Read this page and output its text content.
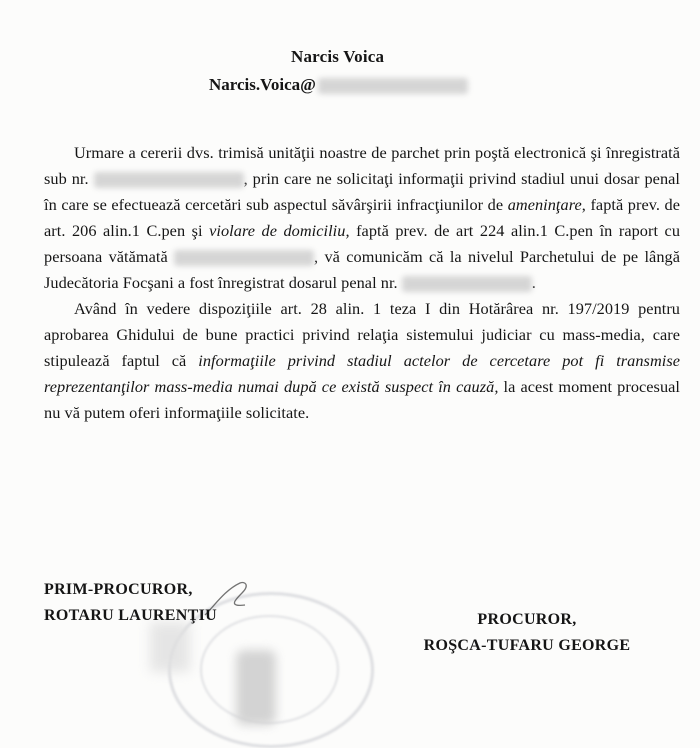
Narcis Voica
Narcis.Voica@

Urmare a cererii dvs. trimisă unităţii noastre de parchet prin poştă electronică şi înregistrată sub nr.	, prin care ne solicitaţi informaţii privind stadiul unui dosar penal în care se efectuează cercetări sub aspectul săvârşirii infracţiunilor de ameninţare, faptă prev. de art. 206 alin.1 C.pen şi violare de domiciliu, faptă prev. de art 224 alin.1 C.pen în raport cu persoana vătămată	, vă comunicăm că la nivelul Parchetului de pe lângă Judecătoria Focşani a fost înregistrat dosarul penal nr.	.

Având în vedere dispoziţiile art. 28 alin. 1 teza I din Hotărârea nr. 197/2019 pentru aprobarea Ghidului de bune practici privind relaţia sistemului judiciar cu mass-media, care stipulează faptul că informaţiile privind stadiul actelor de cercetare pot fi transmise reprezentanţilor mass-media numai după ce există suspect în cauză, la acest moment procesual nu vă putem oferi informaţiile solicitate.

PRIM-PROCUROR,
ROTARU LAURENŢIU	PROCUROR,
ROŞCA-TUFARU GEORGE
